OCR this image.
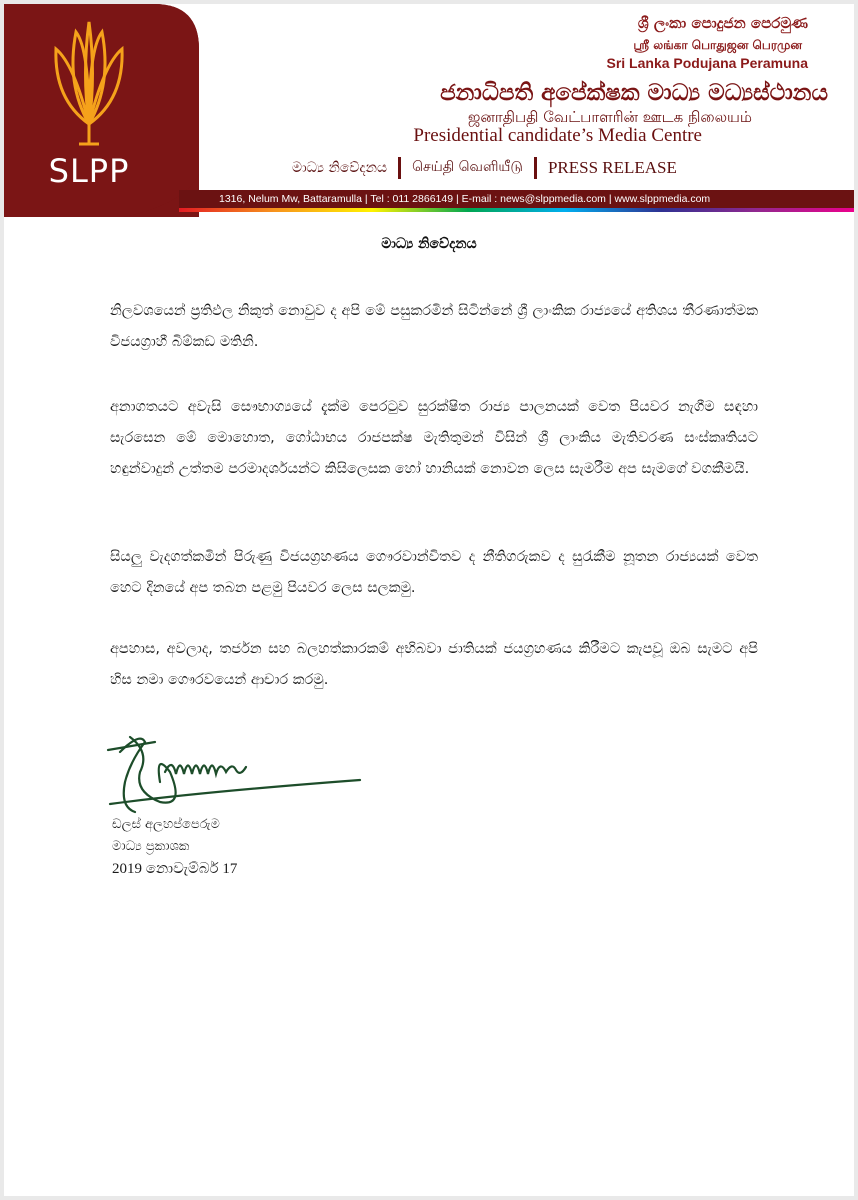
SLPP
ශ්‍රී ලංකා පොදුජන පෙරමුණ
ஸ்ரீ லங்கா பொதுஜன பெரமுன
Sri Lanka Podujana Peramuna
ජනාධිපති අපේක්ෂක මාධ්‍ය මධ්‍යස්ථානය
ஜனாதிபதி வேட்பாளரின் ஊடக நிலையம்
Presidential candidate’s Media Centre
මාධ්‍ය නිවේදනය செய்தி வெளியீடு PRESS RELEASE
1316, Nelum Mw, Battaramulla | Tel : 011 2866149 | E-mail : news@slppmedia.com | www.slppmedia.com
මාධ්‍ය නිවේදනය
නිලවශයෙන් ප්‍රතිඵල නිකුත් නොවුව ද අපි මේ පසුකරමින් සිටින්නේ ශ්‍රී ලාංකික රාජ්‍යයේ අතිශය තීරණාත්මක විජයග්‍රාහී බිම්කඩ මතිනි.
අනාගතයට අවැසි සෞභාග්‍යයේ දැක්ම පෙරටුව සුරක්ෂිත රාජ්‍ය පාලනයක් වෙත පියවර නැගීම සඳහා සැරසෙන මේ මොහොත, ගෝඨාභය රාජපක්ෂ මැතිතුමන් විසින් ශ්‍රී ලාංකිය මැතිවරණ සංස්කෘතියට හඳුන්වාදුන් උත්තම පරමාදර්ශයන්ට කිසිලෙසක හෝ හානියක් නොවන ලෙස සැමරීම අප සැමගේ වගකීමයි.
සියලු වැදගත්කමින් පිරුණු විජයග්‍රහණය ගෞරවාන්විතව ද නීතිගරුකව ද සුරැකීම නූතන රාජ්‍යයක් වෙත හෙට දිනයේ අප තබන පළමු පියවර ලෙස සලකමු.
අපහාස, අවලාද, තර්ජන සහ බලහත්කාරකම් අභිබවා ජාතියක් ජයග්‍රහණය කිරීමට කැපවූ ඔබ සැමට අපි හිස නමා ගෞරවයෙන් ආචාර කරමු.
ඩලස් අලහප්පෙරුම
මාධ්‍ය ප්‍රකාශක
2019 නොවැම්බර් 17
